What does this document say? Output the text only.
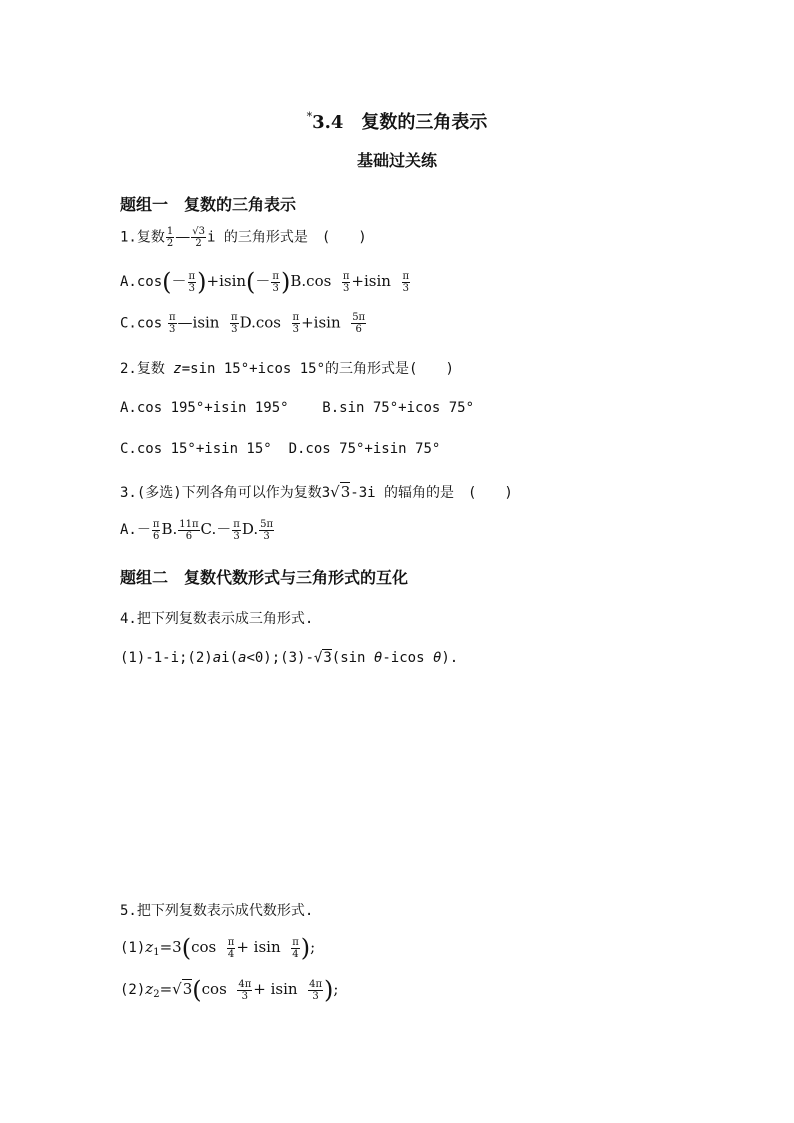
*3.4　复数的三角表示
基础过关练
题组一　复数的三角表示
1.复数 $\frac{1}{2}$ — $\frac{√3}{2}$ i 的三角形式是　(　　)
$A.\cos(- \frac{\pi}{3} )+isin(- \frac{\pi}{3} )B.\cos \frac{\pi}{3} +isin \frac{\pi}{3}$
$C.\cos \frac{\pi}{3}$ —isin $\frac{\pi}{3} D.\cos \frac{\pi}{3} +isin \frac{5\pi}{6}$
2.复数 z=sin 15°+icos 15°的三角形式是(　　)
A.cos 195°+isin 195° B.sin 75°+icos 75°
C.cos 15°+isin 15° D.cos 75°+isin 75°
3.(多选)下列各角可以作为复数3√3-3i 的辐角的是　(　　)
$A.- \frac{\pi}{6} B$. $\frac{11\pi}{6} C.- \frac{\pi}{3} D$. $\frac{5\pi}{3}$
题组二　复数代数形式与三角形式的互化
4.把下列复数表示成三角形式.
(1)-1-i;(2)ai(a<0);(3)-√3(sin θ-icos θ).
5.把下列复数表示成代数形式.
$(1)z_1=3(\cos \frac{\pi}{4} + isin \frac{\pi}{4}$ );
$(2)z_2=√3(\cos \frac{4\pi}{3} + isin \frac{4\pi}{3}$ );
